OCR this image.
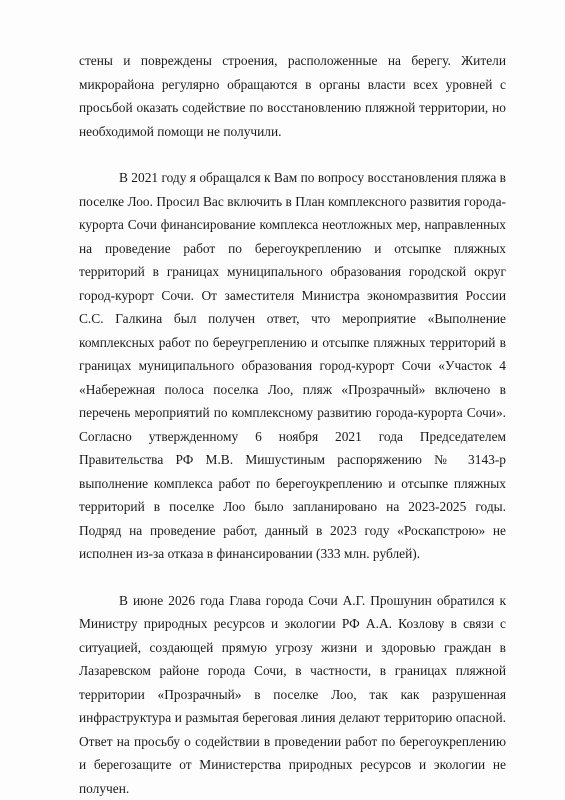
стены и повреждены строения, расположенные на берегу. Жители микрорайона регулярно обращаются в органы власти всех уровней с просьбой оказать содействие по восстановлению пляжной территории, но необходимой помощи не получили.

В 2021 году я обращался к Вам по вопросу восстановления пляжа в поселке Лоо. Просил Вас включить в План комплексного развития города-курорта Сочи финансирование комплекса неотложных мер, направленных на проведение работ по берегоукреплению и отсыпке пляжных территорий в границах муниципального образования городской округ город-курорт Сочи. От заместителя Министра экономразвития России С.С. Галкина был получен ответ, что мероприятие «Выполнение комплексных работ по береугреплению и отсыпке пляжных территорий в границах муниципального образования город-курорт Сочи «Участок 4 «Набережная полоса поселка Лоо, пляж «Прозрачный» включено в перечень мероприятий по комплексному развитию города-курорта Сочи». Согласно утвержденному 6 ноября 2021 года Председателем Правительства РФ М.В. Мишустиным распоряжению № 3143-р выполнение комплекса работ по берегоукреплению и отсыпке пляжных территорий в поселке Лоо было запланировано на 2023-2025 годы. Подряд на проведение работ, данный в 2023 году «Роскапстрою» не исполнен из-за отказа в финансировании (333 млн. рублей).

В июне 2026 года Глава города Сочи А.Г. Прошунин обратился к Министру природных ресурсов и экологии РФ А.А. Козлову в связи с ситуацией, создающей прямую угрозу жизни и здоровью граждан в Лазаревском районе города Сочи, в частности, в границах пляжной территории «Прозрачный» в поселке Лоо, так как разрушенная инфраструктура и размытая береговая линия делают территорию опасной. Ответ на просьбу о содействии в проведении работ по берегоукреплению и берегозащите от Министерства природных ресурсов и экологии не получен.
